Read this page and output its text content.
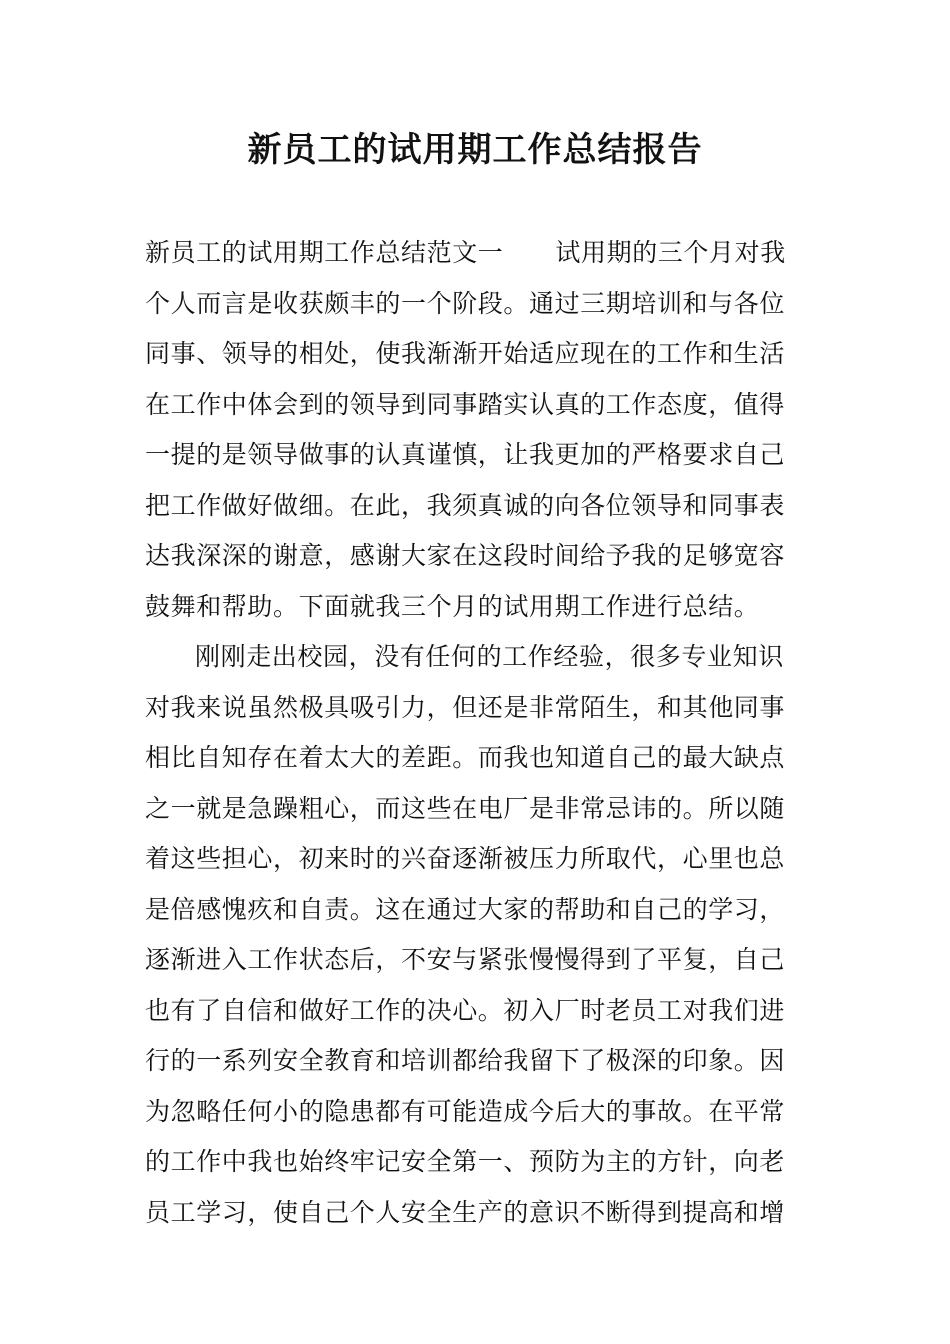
新员工的试用期工作总结报告
新员工的试用期工作总结范文一 试用期的三个月对我
个人而言是收获颇丰的一个阶段。通过三期培训和与各位
同事、领导的相处，使我渐渐开始适应现在的工作和生活
在工作中体会到的领导到同事踏实认真的工作态度，值得
一提的是领导做事的认真谨慎，让我更加的严格要求自己
把工作做好做细。在此，我须真诚的向各位领导和同事表
达我深深的谢意，感谢大家在这段时间给予我的足够宽容
鼓舞和帮助。下面就我三个月的试用期工作进行总结。
刚刚走出校园，没有任何的工作经验，很多专业知识
对我来说虽然极具吸引力，但还是非常陌生，和其他同事
相比自知存在着太大的差距。而我也知道自己的最大缺点
之一就是急躁粗心，而这些在电厂是非常忌讳的。所以随
着这些担心，初来时的兴奋逐渐被压力所取代，心里也总
是倍感愧疚和自责。这在通过大家的帮助和自己的学习，
逐渐进入工作状态后，不安与紧张慢慢得到了平复，自己
也有了自信和做好工作的决心。初入厂时老员工对我们进
行的一系列安全教育和培训都给我留下了极深的印象。因
为忽略任何小的隐患都有可能造成今后大的事故。在平常
的工作中我也始终牢记安全第一、预防为主的方针，向老
员工学习，使自己个人安全生产的意识不断得到提高和增
